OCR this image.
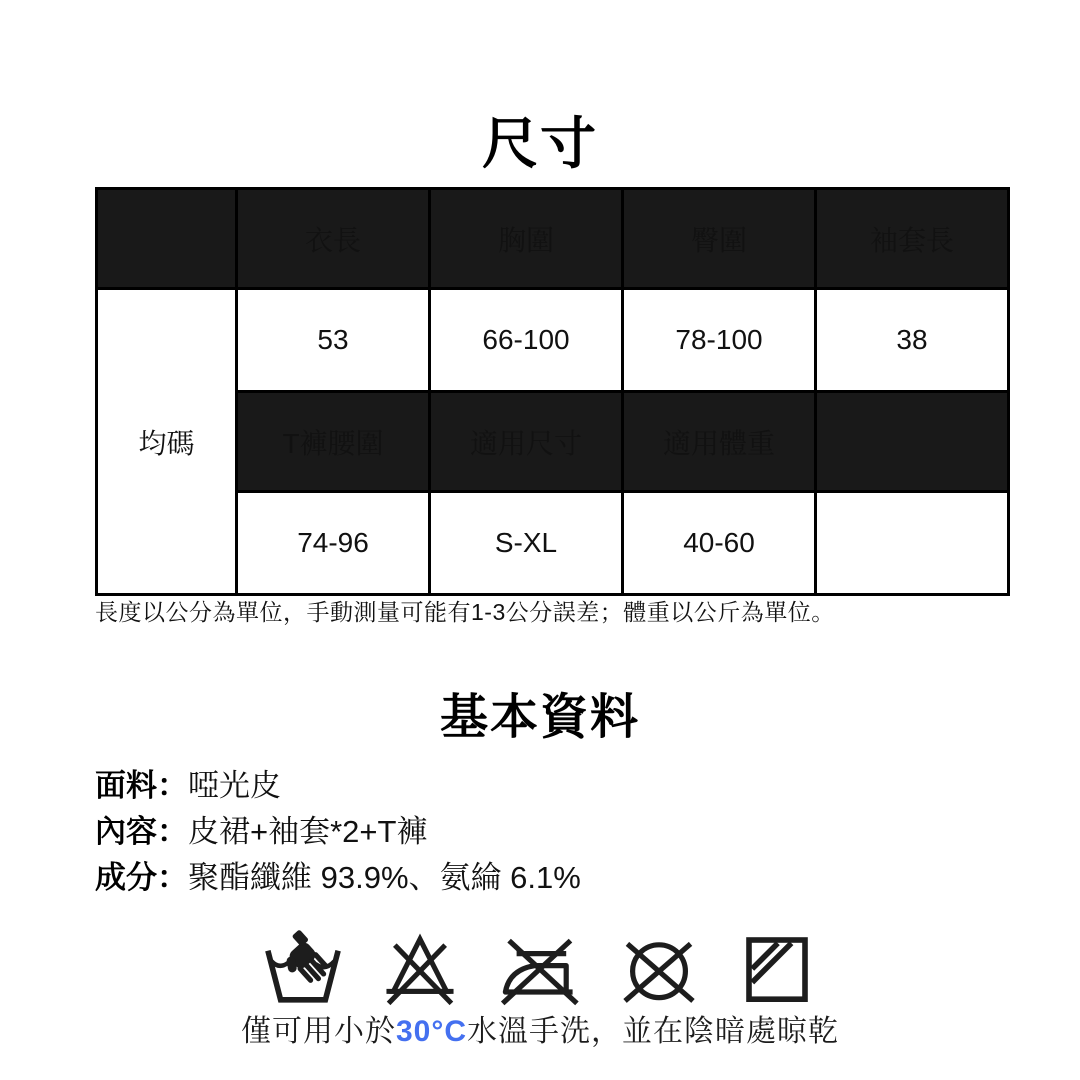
尺寸
	衣長	胸圍	臀圍	袖套長
均碼	53	66-100	78-100	38
	T褲腰圍	適用尺寸	適用體重	
	74-96	S-XL	40-60	
長度以公分為單位，手動測量可能有1-3公分誤差；體重以公斤為單位。
基本資料
面料： 啞光皮
內容： 皮裙+袖套*2+T褲
成分： 聚酯纖維 93.9%、氨綸 6.1%
僅可用小於30°C水溫手洗，並在陰暗處晾乾
